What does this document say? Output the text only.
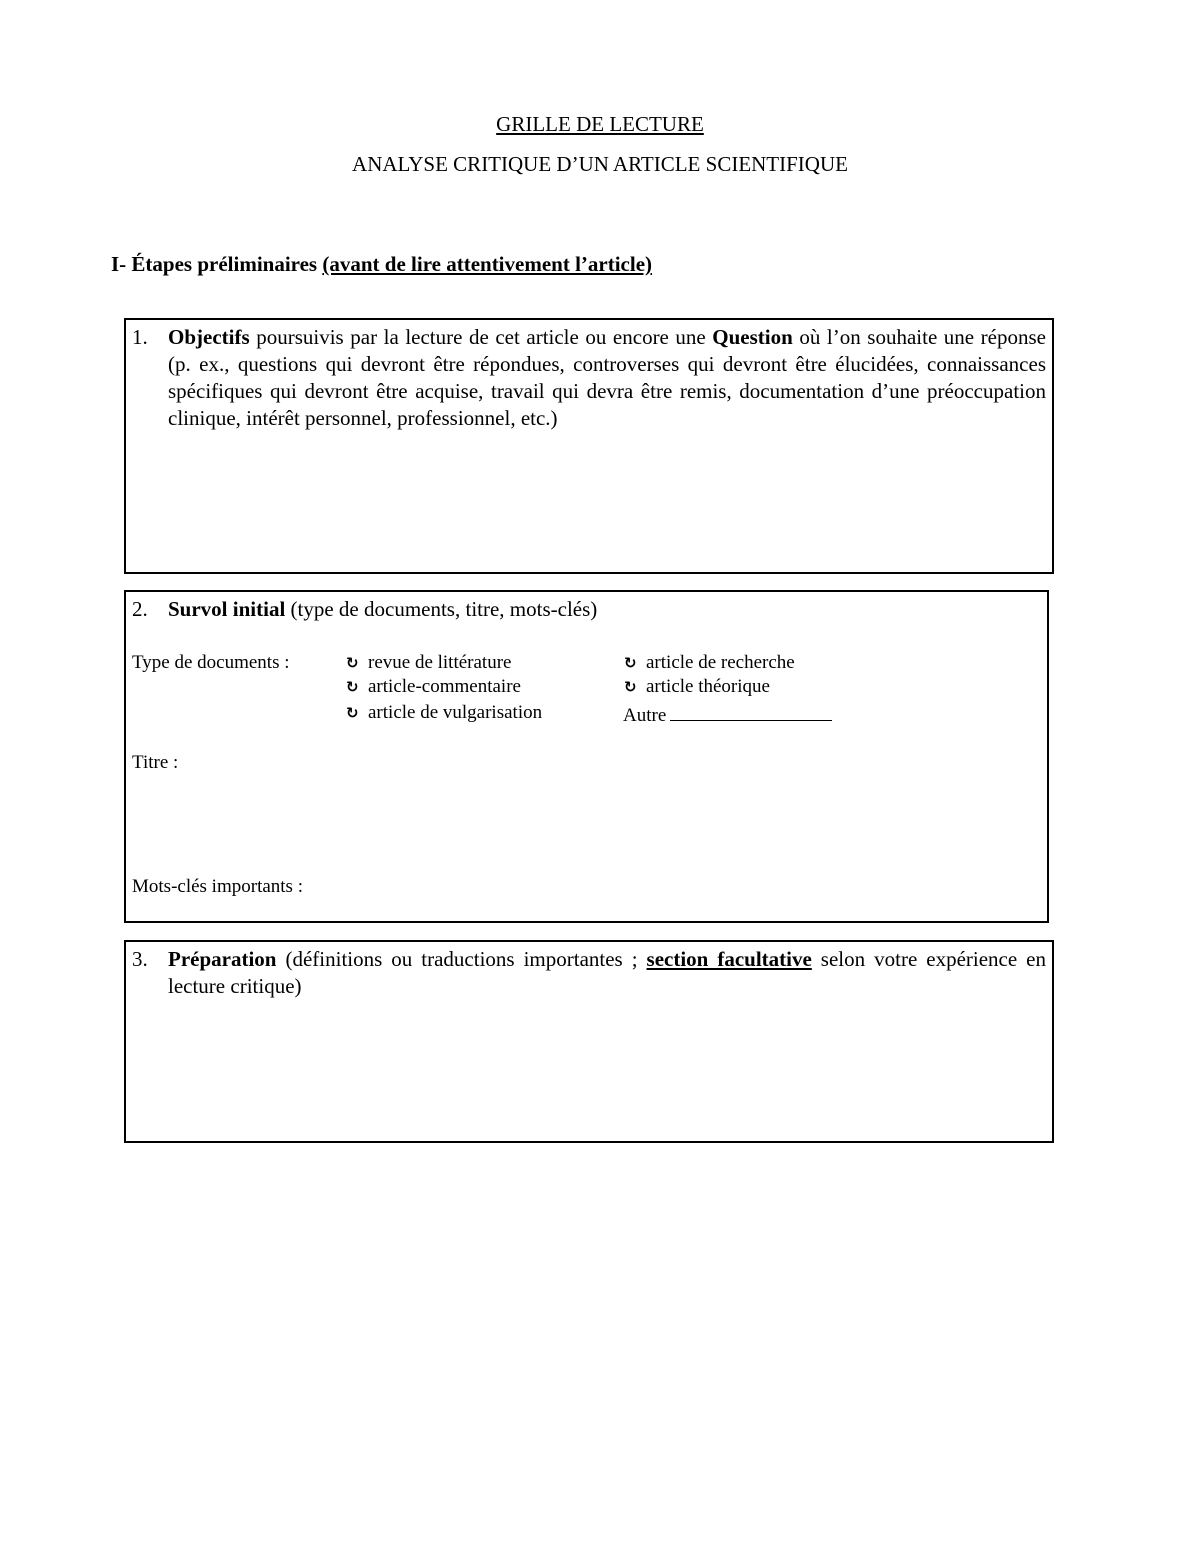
GRILLE DE LECTURE
ANALYSE CRITIQUE D’UN ARTICLE SCIENTIFIQUE
I- Étapes préliminaires (avant de lire attentivement l’article)
1. Objectifs poursuivis par la lecture de cet article ou encore une Question où l’on souhaite une réponse (p. ex., questions qui devront être répondues, controverses qui devront être élucidées, connaissances spécifiques qui devront être acquise, travail qui devra être remis, documentation d’une préoccupation clinique, intérêt personnel, professionnel, etc.)
2. Survol initial (type de documents, titre, mots-clés)
Type de documents :	↻ revue de littérature	↻ article de recherche
↻ article-commentaire	↻ article théorique
↻ article de vulgarisation	Autre
Titre :
Mots-clés importants :
3. Préparation (définitions ou traductions importantes ; section facultative selon votre expérience en lecture critique)
